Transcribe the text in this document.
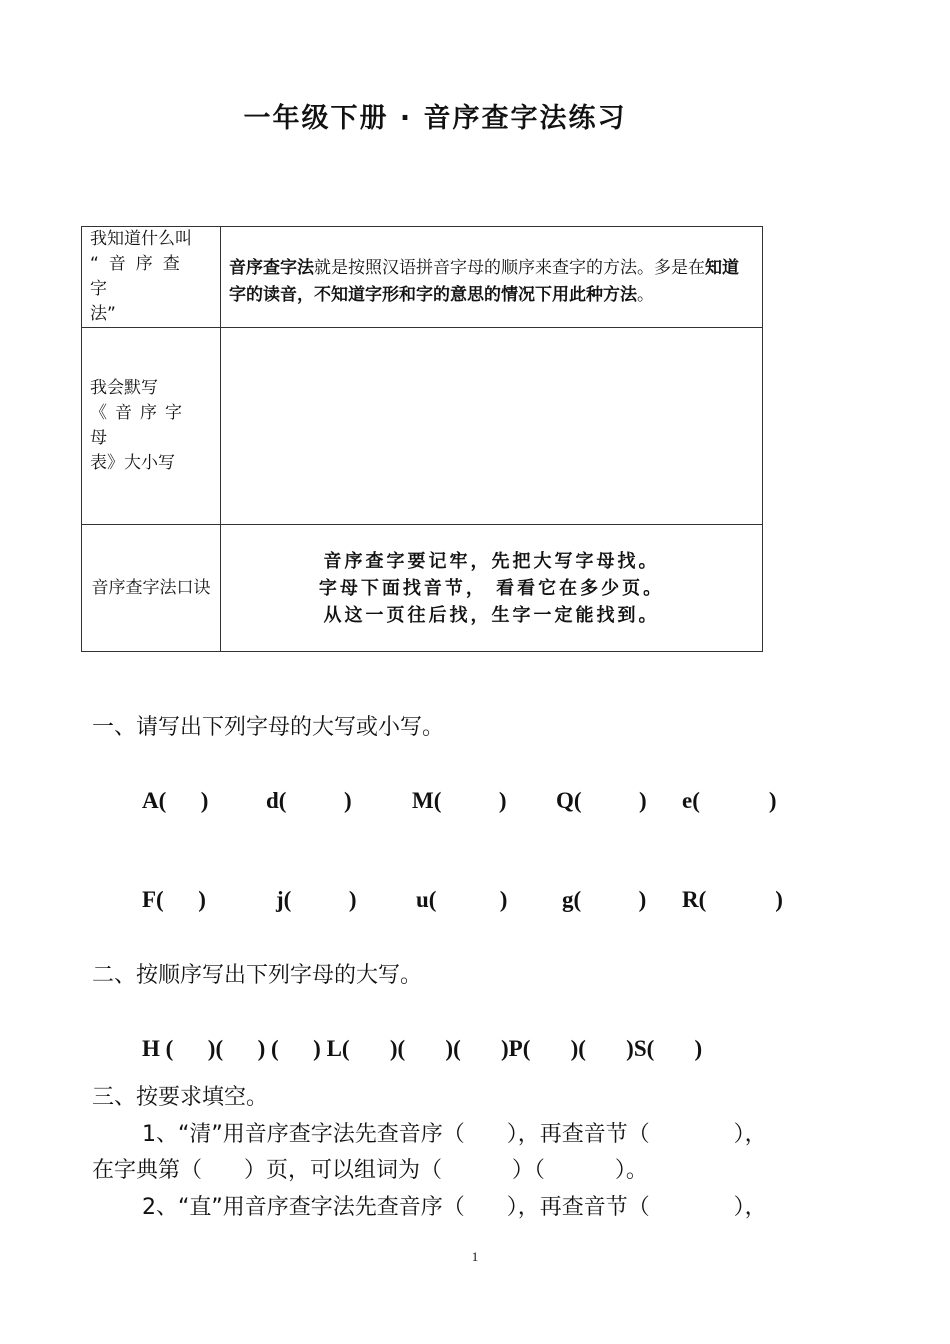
一年级下册 · 音序查字法练习
我知道什么叫
“音序查字
法”	音序查字法就是按照汉语拼音字母的顺序来查字的方法。多是在知道字的读音，不知道字形和字的意思的情况下用此种方法。

我会默写
《音序字母
表》大小写	

音序查字法口诀	音序查字要记牢，先把大写字母找。
字母下面找音节， 看看它在多少页。
从这一页往后找，生字一定能找到。
一、请写出下列字母的大写或小写。
A(      )	d(          )	M(          ) Q(          ) e(            )
F(      )	j(          )	u(           ) g(          ) R(            )
二、按顺序写出下列字母的大写。
H (      )(      ) (      ) L(       )(       )(       )P(       )(       )S(       )
三、按要求填空。
1、“清”用音序查字法先查音序（      ），再查音节（            ），
在字典第（      ）页，可以组词为（          ）（          ）。
2、“直”用音序查字法先查音序（      ），再查音节（            ），
1
